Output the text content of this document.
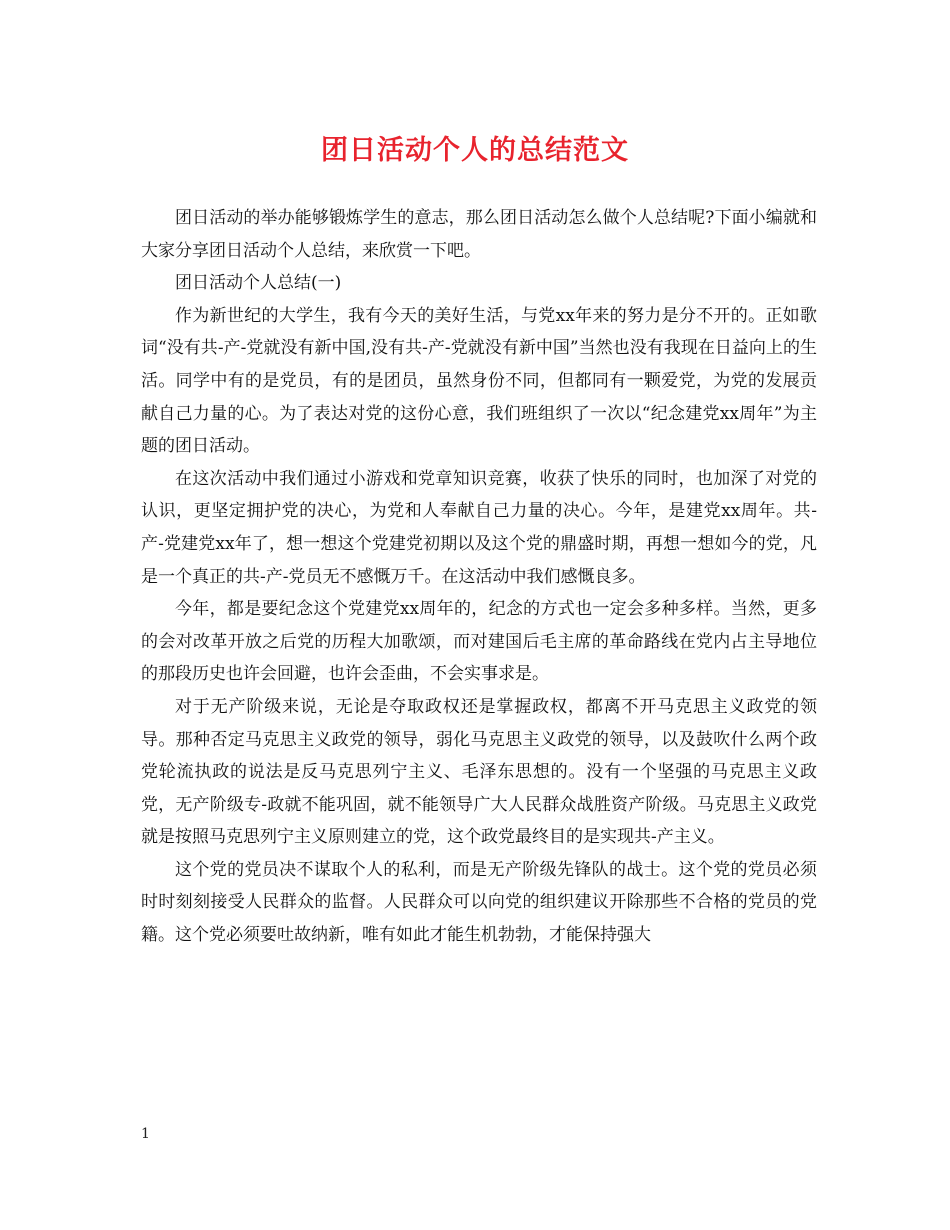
团日活动个人的总结范文

团日活动的举办能够锻炼学生的意志，那么团日活动怎么做个人总结呢?下面小编就和大家分享团日活动个人总结，来欣赏一下吧。

团日活动个人总结(一)

作为新世纪的大学生，我有今天的美好生活，与党xx年来的努力是分不开的。正如歌词“没有共-产-党就没有新中国,没有共-产-党就没有新中国”当然也没有我现在日益向上的生活。同学中有的是党员，有的是团员，虽然身份不同，但都同有一颗爱党，为党的发展贡献自己力量的心。为了表达对党的这份心意，我们班组织了一次以“纪念建党xx周年”为主题的团日活动。

在这次活动中我们通过小游戏和党章知识竞赛，收获了快乐的同时，也加深了对党的认识，更坚定拥护党的决心，为党和人奉献自己力量的决心。今年，是建党xx周年。共-产-党建党xx年了，想一想这个党建党初期以及这个党的鼎盛时期，再想一想如今的党，凡是一个真正的共-产-党员无不感慨万千。在这活动中我们感慨良多。

今年，都是要纪念这个党建党xx周年的，纪念的方式也一定会多种多样。当然，更多的会对改革开放之后党的历程大加歌颂，而对建国后毛主席的革命路线在党内占主导地位的那段历史也许会回避，也许会歪曲，不会实事求是。

对于无产阶级来说，无论是夺取政权还是掌握政权，都离不开马克思主义政党的领导。那种否定马克思主义政党的领导，弱化马克思主义政党的领导，以及鼓吹什么两个政党轮流执政的说法是反马克思列宁主义、毛泽东思想的。没有一个坚强的马克思主义政党，无产阶级专-政就不能巩固，就不能领导广大人民群众战胜资产阶级。马克思主义政党就是按照马克思列宁主义原则建立的党，这个政党最终目的是实现共-产主义。

这个党的党员决不谋取个人的私利，而是无产阶级先锋队的战士。这个党的党员必须时时刻刻接受人民群众的监督。人民群众可以向党的组织建议开除那些不合格的党员的党籍。这个党必须要吐故纳新，唯有如此才能生机勃勃，才能保持强大

1
